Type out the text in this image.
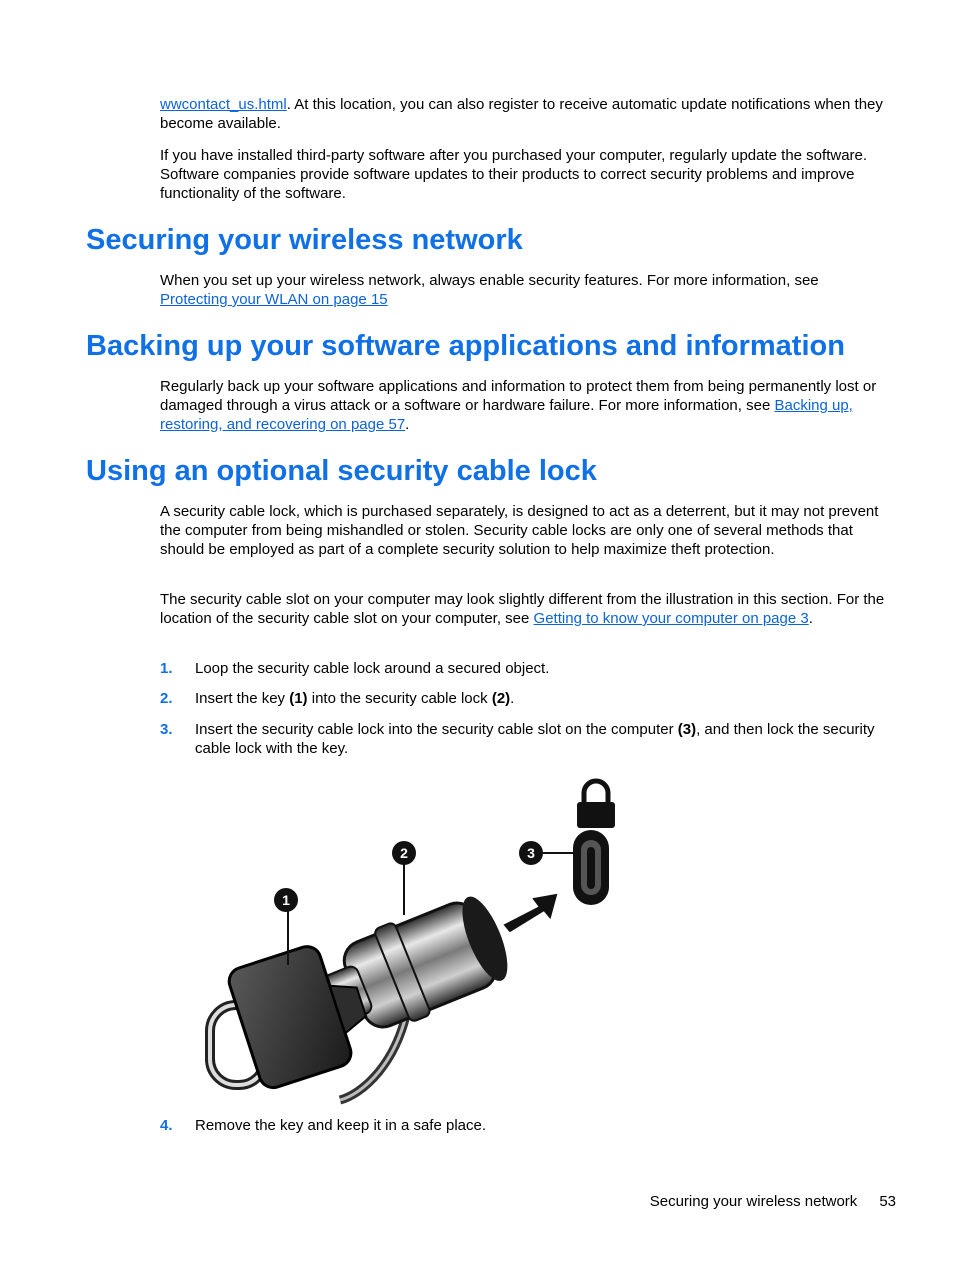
wwcontact_us.html. At this location, you can also register to receive automatic update notifications when they become available.

If you have installed third-party software after you purchased your computer, regularly update the software. Software companies provide software updates to their products to correct security problems and improve functionality of the software.

Securing your wireless network

When you set up your wireless network, always enable security features. For more information, see Protecting your WLAN on page 15

Backing up your software applications and information

Regularly back up your software applications and information to protect them from being permanently lost or damaged through a virus attack or a software or hardware failure. For more information, see Backing up, restoring, and recovering on page 57.

Using an optional security cable lock

A security cable lock, which is purchased separately, is designed to act as a deterrent, but it may not prevent the computer from being mishandled or stolen. Security cable locks are only one of several methods that should be employed as part of a complete security solution to help maximize theft protection.

The security cable slot on your computer may look slightly different from the illustration in this section. For the location of the security cable slot on your computer, see Getting to know your computer on page 3.

1. Loop the security cable lock around a secured object.
2. Insert the key (1) into the security cable lock (2).
3. Insert the security cable lock into the security cable slot on the computer (3), and then lock the security cable lock with the key.
1
2	3
4. Remove the key and keep it in a safe place.
Securing your wireless network 53
